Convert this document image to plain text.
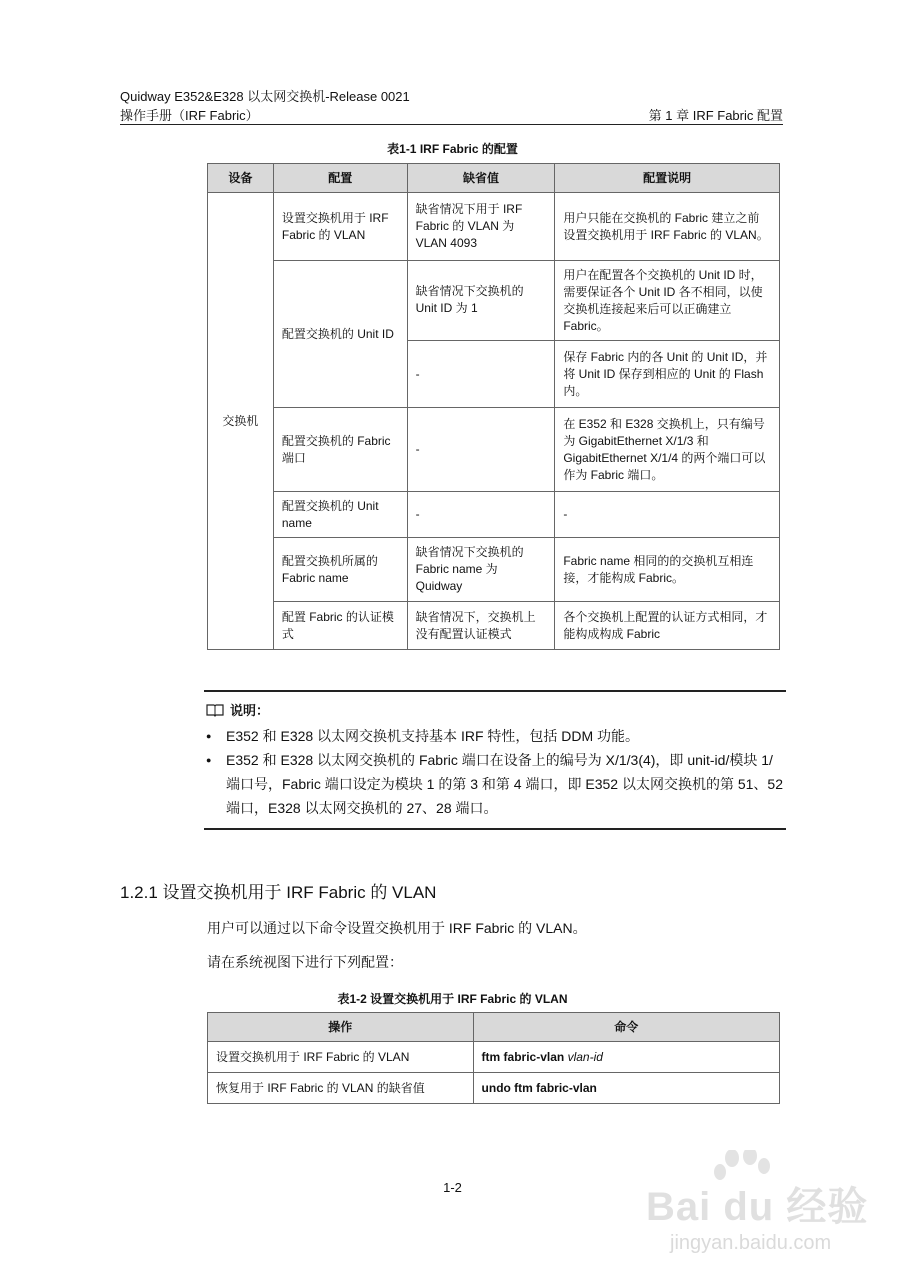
Quidway E352&E328 以太网交换机-Release 0021
操作手册（IRF Fabric）	第 1 章 IRF Fabric 配置
表1-1 IRF Fabric 的配置
设备	配置	缺省值	配置说明
交换机	设置交换机用于 IRF Fabric 的 VLAN	缺省情况下用于 IRF Fabric 的 VLAN 为 VLAN 4093	用户只能在交换机的 Fabric 建立之前设置交换机用于 IRF Fabric 的 VLAN。
	配置交换机的 Unit ID	缺省情况下交换机的 Unit ID 为 1	用户在配置各个交换机的 Unit ID 时，需要保证各个 Unit ID 各不相同，以使交换机连接起来后可以正确建立 Fabric。
		-	保存 Fabric 内的各 Unit 的 Unit ID，并将 Unit ID 保存到相应的 Unit 的 Flash 内。
	配置交换机的 Fabric 端口	-	在 E352 和 E328 交换机上，只有编号为 GigabitEthernet X/1/3 和 GigabitEthernet X/1/4 的两个端口可以作为 Fabric 端口。
	配置交换机的 Unit name	-	-
	配置交换机所属的 Fabric name	缺省情况下交换机的 Fabric name 为 Quidway	Fabric name 相同的的交换机互相连接，才能构成 Fabric。
	配置 Fabric 的认证模式	缺省情况下，交换机上没有配置认证模式	各个交换机上配置的认证方式相同，才能构成构成 Fabric
说明：
● E352 和 E328 以太网交换机支持基本 IRF 特性，包括 DDM 功能。
● E352 和 E328 以太网交换机的 Fabric 端口在设备上的编号为 X/1/3(4)，即 unit-id/模块 1/端口号，Fabric 端口设定为模块 1 的第 3 和第 4 端口，即 E352 以太网交换机的第 51、52 端口，E328 以太网交换机的 27、28 端口。
1.2.1 设置交换机用于 IRF Fabric 的 VLAN
用户可以通过以下命令设置交换机用于 IRF Fabric 的 VLAN。
请在系统视图下进行下列配置：
表1-2 设置交换机用于 IRF Fabric 的 VLAN
操作	命令
设置交换机用于 IRF Fabric 的 VLAN	ftm fabric-vlan vlan-id
恢复用于 IRF Fabric 的 VLAN 的缺省值	undo ftm fabric-vlan
1-2	Bai du 经验
jingyan.baidu.com
